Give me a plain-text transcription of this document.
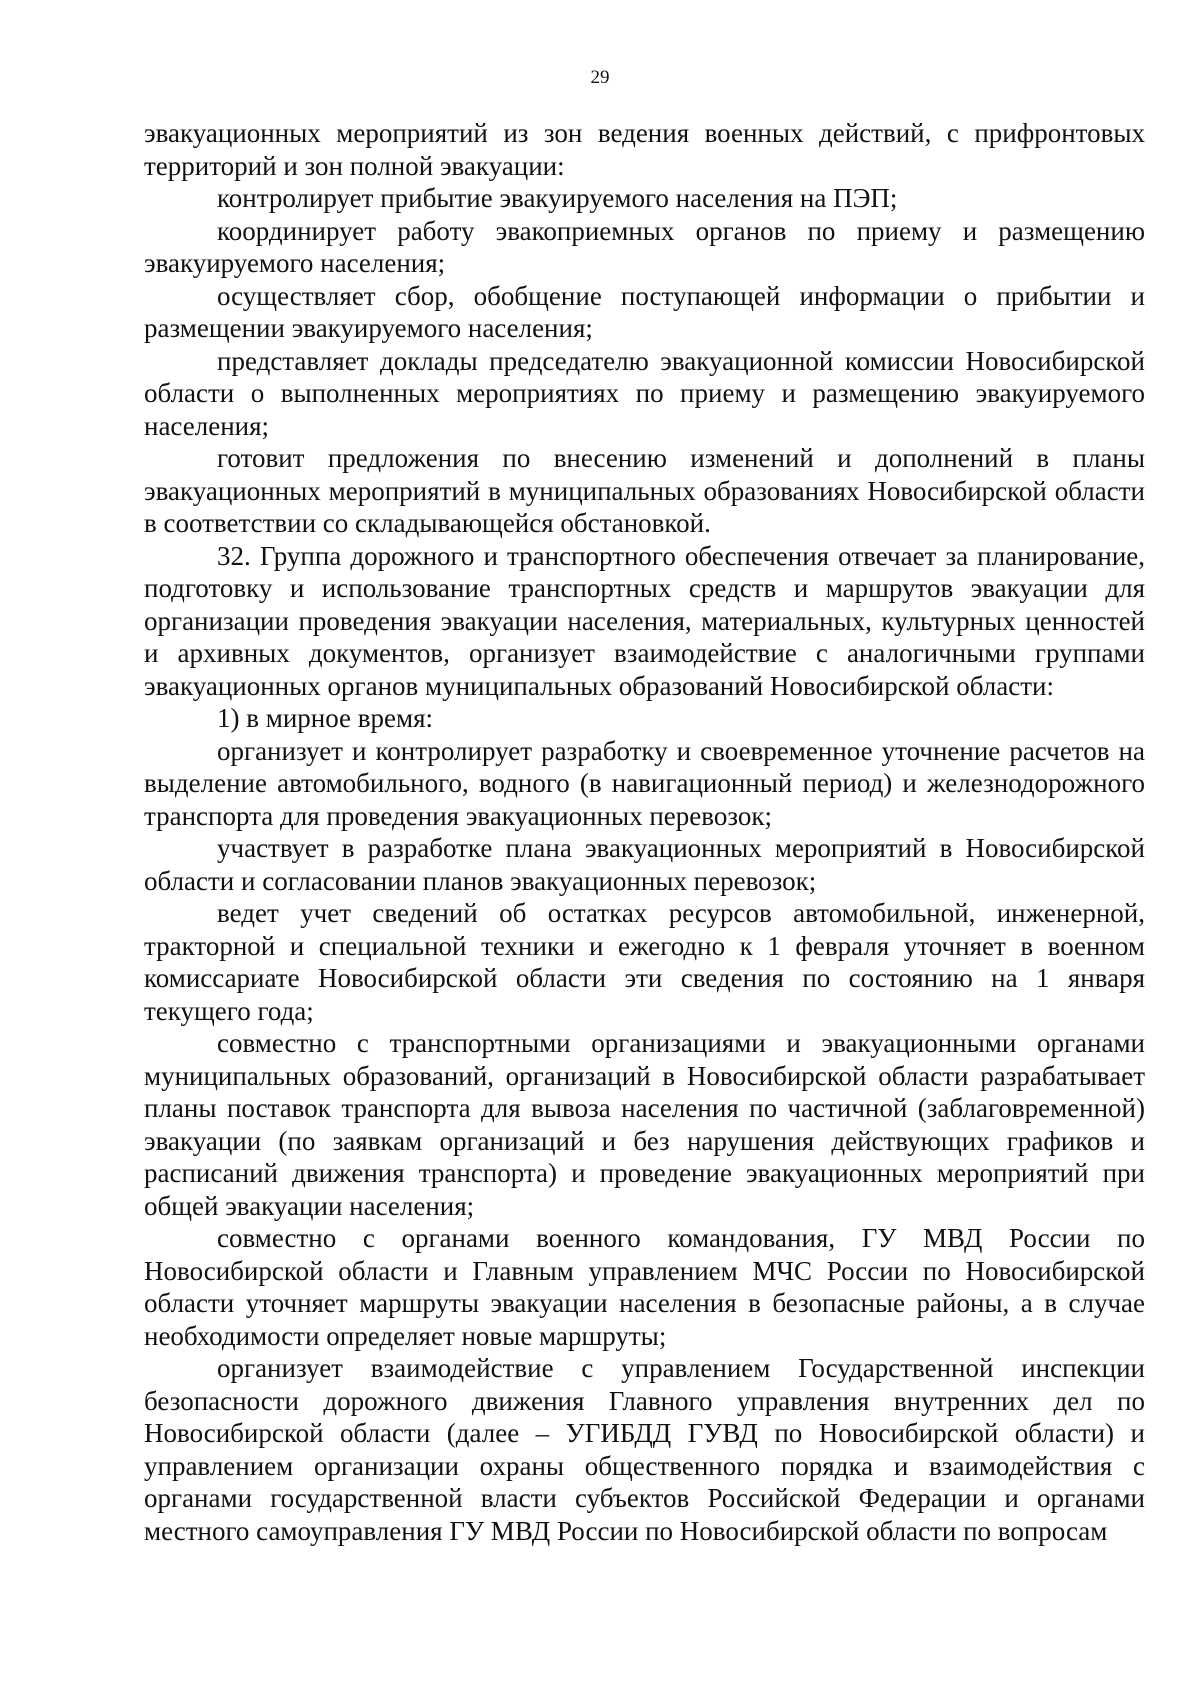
29

эвакуационных мероприятий из зон ведения военных действий, с прифронтовых территорий и зон полной эвакуации:

контролирует прибытие эвакуируемого населения на ПЭП;

координирует работу эвакоприемных органов по приему и размещению эвакуируемого населения;

осуществляет сбор, обобщение поступающей информации о прибытии и размещении эвакуируемого населения;

представляет доклады председателю эвакуационной комиссии Новосибирской области о выполненных мероприятиях по приему и размещению эвакуируемого населения;

готовит предложения по внесению изменений и дополнений в планы эвакуационных мероприятий в муниципальных образованиях Новосибирской области в соответствии со складывающейся обстановкой.

32. Группа дорожного и транспортного обеспечения отвечает за планирование, подготовку и использование транспортных средств и маршрутов эвакуации для организации проведения эвакуации населения, материальных, культурных ценностей и архивных документов, организует взаимодействие с аналогичными группами эвакуационных органов муниципальных образований Новосибирской области:

1) в мирное время:

организует и контролирует разработку и своевременное уточнение расчетов на выделение автомобильного, водного (в навигационный период) и железнодорожного транспорта для проведения эвакуационных перевозок;

участвует в разработке плана эвакуационных мероприятий в Новосибирской области и согласовании планов эвакуационных перевозок;

ведет учет сведений об остатках ресурсов автомобильной, инженерной, тракторной и специальной техники и ежегодно к 1 февраля уточняет в военном комиссариате Новосибирской области эти сведения по состоянию на 1 января текущего года;

совместно с транспортными организациями и эвакуационными органами муниципальных образований, организаций в Новосибирской области разрабатывает планы поставок транспорта для вывоза населения по частичной (заблаговременной) эвакуации (по заявкам организаций и без нарушения действующих графиков и расписаний движения транспорта) и проведение эвакуационных мероприятий при общей эвакуации населения;

совместно с органами военного командования, ГУ МВД России по Новосибирской области и Главным управлением МЧС России по Новосибирской области уточняет маршруты эвакуации населения в безопасные районы, а в случае необходимости определяет новые маршруты;

организует взаимодействие с управлением Государственной инспекции безопасности дорожного движения Главного управления внутренних дел по Новосибирской области (далее – УГИБДД ГУВД по Новосибирской области) и управлением организации охраны общественного порядка и взаимодействия с органами государственной власти субъектов Российской Федерации и органами местного самоуправления ГУ МВД России по Новосибирской области по вопросам
